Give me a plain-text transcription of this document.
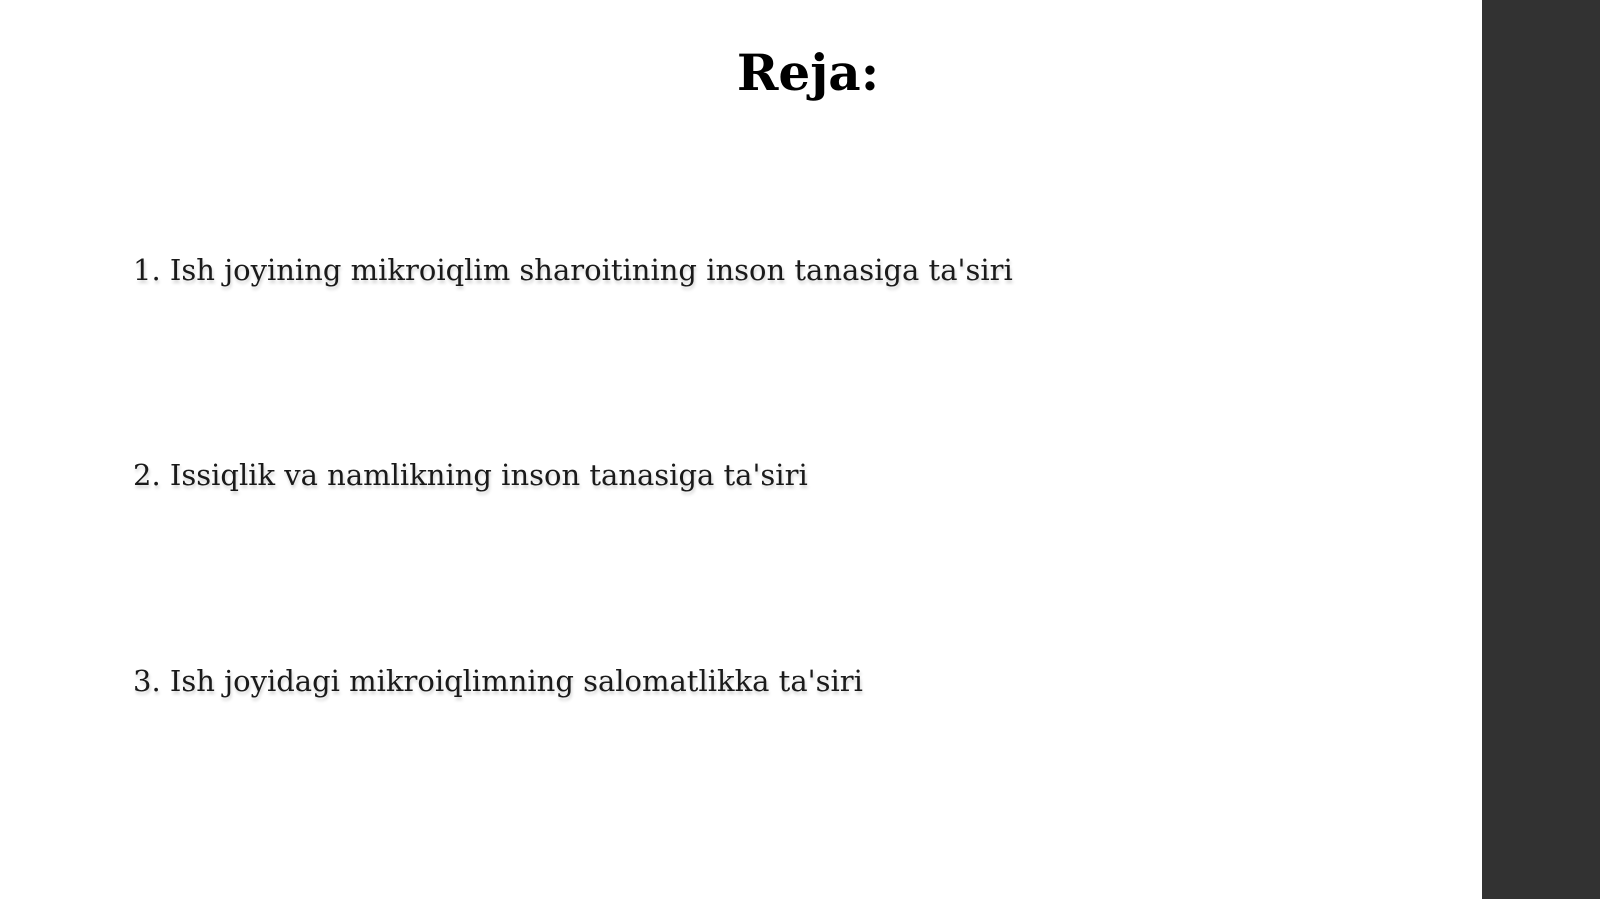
Reja:

1. Ish joyining mikroiqlim sharoitining inson tanasiga ta'siri

2. Issiqlik va namlikning inson tanasiga ta'siri

3. Ish joyidagi mikroiqlimning salomatlikka ta'siri
